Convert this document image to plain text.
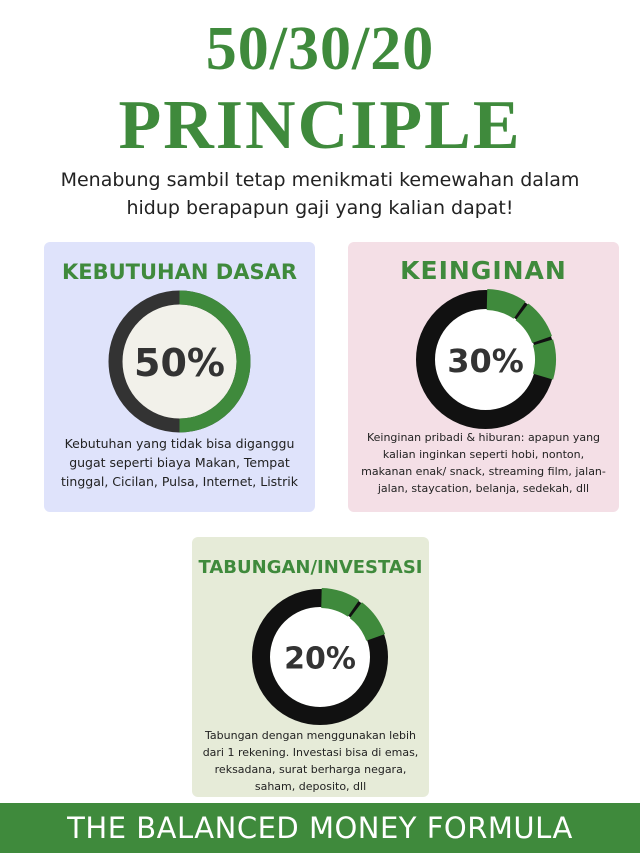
50/30/20
PRINCIPLE
Menabung sambil tetap menikmati kemewahan dalam hidup berapapun gaji yang kalian dapat!
KEBUTUHAN DASAR
50%
Kebutuhan yang tidak bisa diganggu gugat seperti biaya Makan, Tempat tinggal, Cicilan, Pulsa, Internet, Listrik
KEINGINAN
30%
Keinginan pribadi & hiburan: apapun yang kalian inginkan seperti hobi, nonton, makanan enak/ snack, streaming film, jalan-jalan, staycation, belanja, sedekah, dll
TABUNGAN/INVESTASI
20%
Tabungan dengan menggunakan lebih dari 1 rekening. Investasi bisa di emas, reksadana, surat berharga negara, saham, deposito, dll
THE BALANCED MONEY FORMULA
